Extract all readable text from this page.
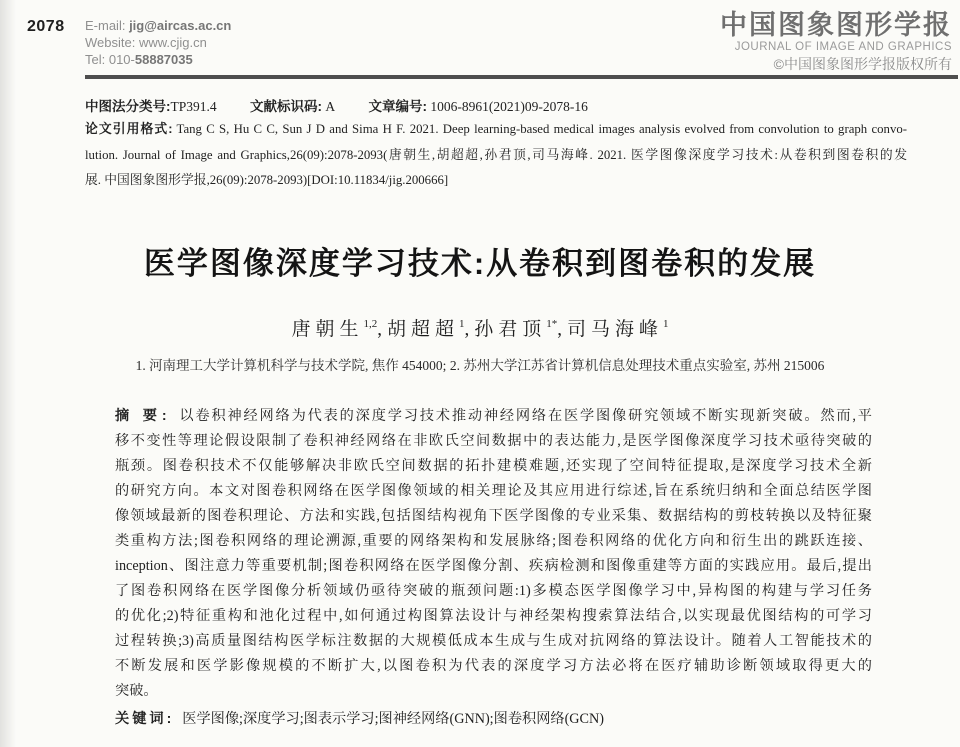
2078 E-mail: jig@aircas.ac.cn
Website: www.cjig.cn
Tel: 010-58887035
中国图象图形学报
JOURNAL OF IMAGE AND GRAPHICS
©中国图象图形学报版权所有
中图法分类号:TP391.4 文献标识码: A 文章编号: 1006-8961(2021)09-2078-16
论文引用格式: Tang C S, Hu C C, Sun J D and Sima H F. 2021. Deep learning-based medical images analysis evolved from convolution to graph convo-
lution. Journal of Image and Graphics,26(09):2078-2093(唐朝生,胡超超,孙君顶,司马海峰. 2021. 医学图像深度学习技术:从卷积到图卷积的发
展. 中国图象图形学报,26(09):2078-2093)[DOI:10.11834/jig.200666]
医学图像深度学习技术:从卷积到图卷积的发展
唐朝生$^{1,2}$,胡超超$^1$,孙君顶$^{1*}$,司马海峰$^1$
1. 河南理工大学计算机科学与技术学院, 焦作 454000; 2. 苏州大学江苏省计算机信息处理技术重点实验室, 苏州 215006
摘 要: 以卷积神经网络为代表的深度学习技术推动神经网络在医学图像研究领域不断实现新突破。然而,平
移不变性等理论假设限制了卷积神经网络在非欧氏空间数据中的表达能力,是医学图像深度学习技术亟待突破的
瓶颈。图卷积技术不仅能够解决非欧氏空间数据的拓扑建模难题,还实现了空间特征提取,是深度学习技术全新
的研究方向。本文对图卷积网络在医学图像领域的相关理论及其应用进行综述,旨在系统归纳和全面总结医学图
像领域最新的图卷积理论、方法和实践,包括图结构视角下医学图像的专业采集、数据结构的剪枝转换以及特征聚
类重构方法;图卷积网络的理论溯源,重要的网络架构和发展脉络;图卷积网络的优化方向和衍生出的跳跃连接、
inception、图注意力等重要机制;图卷积网络在医学图像分割、疾病检测和图像重建等方面的实践应用。最后,提出
了图卷积网络在医学图像分析领域仍亟待突破的瓶颈问题:1)多模态医学图像学习中,异构图的构建与学习任务
的优化;2)特征重构和池化过程中,如何通过构图算法设计与神经架构搜索算法结合,以实现最优图结构的可学习
过程转换;3)高质量图结构医学标注数据的大规模低成本生成与生成对抗网络的算法设计。随着人工智能技术的
不断发展和医学影像规模的不断扩大,以图卷积为代表的深度学习方法必将在医疗辅助诊断领域取得更大的
突破。
关键词: 医学图像;深度学习;图表示学习;图神经网络(GNN);图卷积网络(GCN)
